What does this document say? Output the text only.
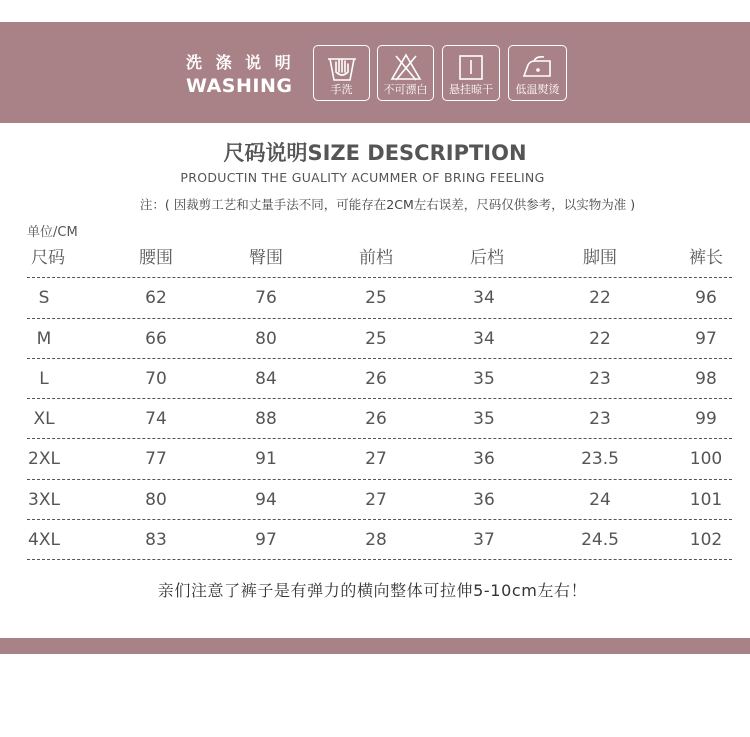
洗 涤 说 明
WASHING	手洗	不可漂白	悬挂晾干	低温熨烫
尺码说明SIZE DESCRIPTION
PRODUCTIN THE GUALITY ACUMMER OF BRING FEELING
注：( 因裁剪工艺和丈量手法不同，可能存在2CM左右误差，尺码仅供参考，以实物为准 )
单位/CM
尺码	腰围	臀围	前档	后档	脚围	裤长
S	62	76	25	34	22	96
M	66	80	25	34	22	97
L	70	84	26	35	23	98
XL	74	88	26	35	23	99
2XL	77	91	27	36	23.5	100
3XL	80	94	27	36	24	101
4XL	83	97	28	37	24.5	102
亲们注意了裤子是有弹力的横向整体可拉伸5-10cm左右！
